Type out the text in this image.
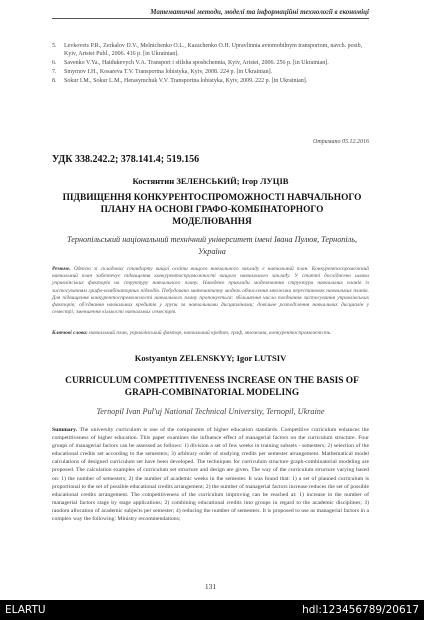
Математичні методи, моделі та інформаційні технології в економіці
5.	Levkovets P.R., Zerkalov D.V., Melnichenko O.L., Kazachenko O.H. Upravlinnia avtomobilnym transportom, navch. posib, Kyiv, Aristei Publ., 2006. 416 p. [in Ukrainian].
6.	Savenko V.Ya., Haidukevych V.A. Transport i sfilsha sposhchennia, Kyiv, Aristei, 2006. 256 p. [in Ukrainian].
7.	Smyrnov I.H., Kosareva T.V. Transportna lohistyka, Kyiv, 2008. 224 p. [in Ukrainian].
8.	Sokur I.M., Sokur L.M., Herasymchuk V.V. Transportna lohistyka, Kyiv, 2009. 222 p. [in Ukrainian].
Отримано 05.12.2016
УДК 338.242.2; 378.141.4; 519.156
Костянтин ЗЕЛЕНСЬКИЙ; Ігор ЛУЦІВ
ПІДВИЩЕННЯ КОНКУРЕНТОСПРОМОЖНОСТІ НАВЧАЛЬНОГО ПЛАНУ НА ОСНОВІ ГРАФО-КОМБІНАТОРНОГО МОДЕЛЮВАННЯ
Тернопільський національний технічний університет імені Івана Пулюя, Тернопіль, Україна
Резюме. Однією зі складових стандарту вищої освіти вищого навчального закладу є навчальний план. Конкурентоспроможний навчальний план забезпечує підвищення конкурентоспроможності вищого навчального закладу. У статті досліджено шляхи управлінських факторів на структуру навчального плану. Наведено приклади моделювання структури навчальних планів із застосуванням графо-комбінаторних підходів. Побудовано математичну модель обчислення множини перестановок навчальних планів. Для підвищення конкурентоспроможності навчального плану пропонується: збільшення числа поєднання застосування управлінських факторів; об'єднання навчальних кредитів у групи за навчальними дисциплінами; довільне розподілення навчальних дисциплін у семестрі; зменшення кількості навчальних семестрів.
Ключові слова: навчальний план, управлінський фактор, навчальний кредит, граф, множина, конкурентоспроможність.
Kostyantyn ZELENSKYY; Igor LUTSIV
CURRICULUM COMPETITIVENESS INCREASE ON THE BASIS OF GRAPH-COMBINATORIAL MODELING
Ternopil Ivan Pul'uj National Technical University, Ternopil, Ukraine
Summary. The university curriculum is one of the components of higher education standards. Competitive curriculum enhances the competitiveness of higher education. This paper examines the influence effect of managerial factors on the curriculum structure. Four groups of managerial factors can be assessed as follows: 1) division a set of few weeks in training subsets - semesters; 2) selection of the educational credits set according to the semesters; 3) arbitrary order of studying credits per semester arrangement. Mathematical model calculations of designed curriculum set have been developed. The techniques for curriculum structure graph-combinatorial modeling are proposed. The calculation examples of curriculum set structure and design are given. The way of the curriculum structure varying based on: 1) the number of semesters; 2) the number of academic weeks in the semester. It was found that: 1) a set of planned curriculum is proportional to the set of possible educational credits arrangement; 2) the number of managerial factors increase reduces the set of possible educational credits arrangement. The competitiveness of the curriculum improving can be reached at: 1) increase in the number of managerial factors stage by stage applications; 2) combining educational credits into groups in regard to the academic disciplines; 3) random allocation of academic subjects per semester; 4) reducing the number of semesters. It is proposed to use as managerial factors in a complex way the following: Ministry recommendations;
131
ELARTU	hdl:123456789/20617
